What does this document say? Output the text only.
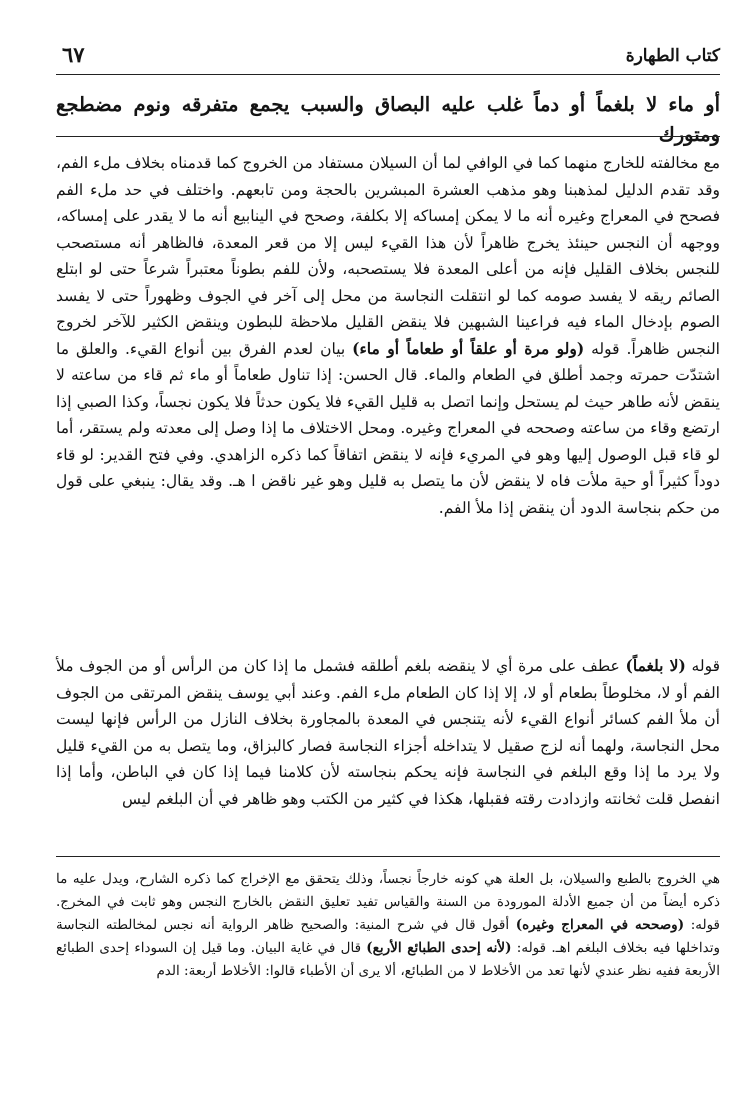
كتاب الطهارة
٦٧

أو ماء لا بلغماً أو دماً غلب عليه البصاق والسبب يجمع متفرقه ونوم مضطجع ومتورك

مع مخالفته للخارج منهما كما في الوافي لما أن السيلان مستفاد من الخروج كما قدمناه بخلاف ملء الفم، وقد تقدم الدليل لمذهبنا وهو مذهب العشرة المبشرين بالحجة ومن تابعهم. واختلف في حد ملء الفم فصحح في المعراج وغيره أنه ما لا يمكن إمساكه إلا بكلفة، وصحح في الينابيع أنه ما لا يقدر على إمساكه، ووجهه أن النجس حينئذ يخرج ظاهراً لأن هذا القيء ليس إلا من قعر المعدة، فالظاهر أنه مستصحب للنجس بخلاف القليل فإنه من أعلى المعدة فلا يستصحبه، ولأن للفم بطوناً معتبراً شرعاً حتى لو ابتلع الصائم ريقه لا يفسد صومه كما لو انتقلت النجاسة من محل إلى آخر في الجوف وظهوراً حتى لا يفسد الصوم بإدخال الماء فيه فراعينا الشبهين فلا ينقض القليل ملاحظة للبطون وينقض الكثير للآخر لخروج النجس ظاهراً. قوله (ولو مرة أو علقاً أو طعاماً أو ماء) بيان لعدم الفرق بين أنواع القيء. والعلق ما اشتدّت حمرته وجمد أطلق في الطعام والماء. قال الحسن: إذا تناول طعاماً أو ماء ثم قاء من ساعته لا ينقض لأنه طاهر حيث لم يستحل وإنما اتصل به قليل القيء فلا يكون حدثاً فلا يكون نجساً، وكذا الصبي إذا ارتضع وقاء من ساعته وصححه في المعراج وغيره. ومحل الاختلاف ما إذا وصل إلى معدته ولم يستقر، أما لو قاء قبل الوصول إليها وهو في المريء فإنه لا ينقض اتفاقاً كما ذكره الزاهدي. وفي فتح القدير: لو قاء دوداً كثيراً أو حية ملأت فاه لا ينقض لأن ما يتصل به قليل وهو غير ناقض ا هـ. وقد يقال: ينبغي على قول من حكم بنجاسة الدود أن ينقض إذا ملأ الفم.

قوله (لا بلغماً) عطف على مرة أي لا ينقضه بلغم أطلقه فشمل ما إذا كان من الرأس أو من الجوف ملأ الفم أو لا، مخلوطاً بطعام أو لا، إلا إذا كان الطعام ملء الفم. وعند أبي يوسف ينقض المرتقى من الجوف أن ملأ الفم كسائر أنواع القيء لأنه يتنجس في المعدة بالمجاورة بخلاف النازل من الرأس فإنها ليست محل النجاسة، ولهما أنه لزج صقيل لا يتداخله أجزاء النجاسة فصار كالبزاق، وما يتصل به من القيء قليل ولا يرد ما إذا وقع البلغم في النجاسة فإنه يحكم بنجاسته لأن كلامنا فيما إذا كان في الباطن، وأما إذا انفصل قلت ثخانته وازدادت رقته فقبلها، هكذا في كثير من الكتب وهو ظاهر في أن البلغم ليس

هي الخروج بالطبع والسيلان، بل العلة هي كونه خارجاً نجساً، وذلك يتحقق مع الإخراج كما ذكره الشارح، ويدل عليه ما ذكره أيضاً من أن جميع الأدلة المورودة من السنة والقياس تفيد تعليق النقض بالخارج النجس وهو ثابت في المخرج. قوله: (وصححه في المعراج وغيره) أقول قال في شرح المنية: والصحيح ظاهر الرواية أنه نجس لمخالطته النجاسة وتداخلها فيه بخلاف البلغم اهـ. قوله: (لأنه إحدى الطبائع الأربع) قال في غاية البيان. وما قيل إن السوداء إحدى الطبائع الأربعة ففيه نظر عندي لأنها تعد من الأخلاط لا من الطبائع، ألا يرى أن الأطباء قالوا: الأخلاط أربعة: الدم
